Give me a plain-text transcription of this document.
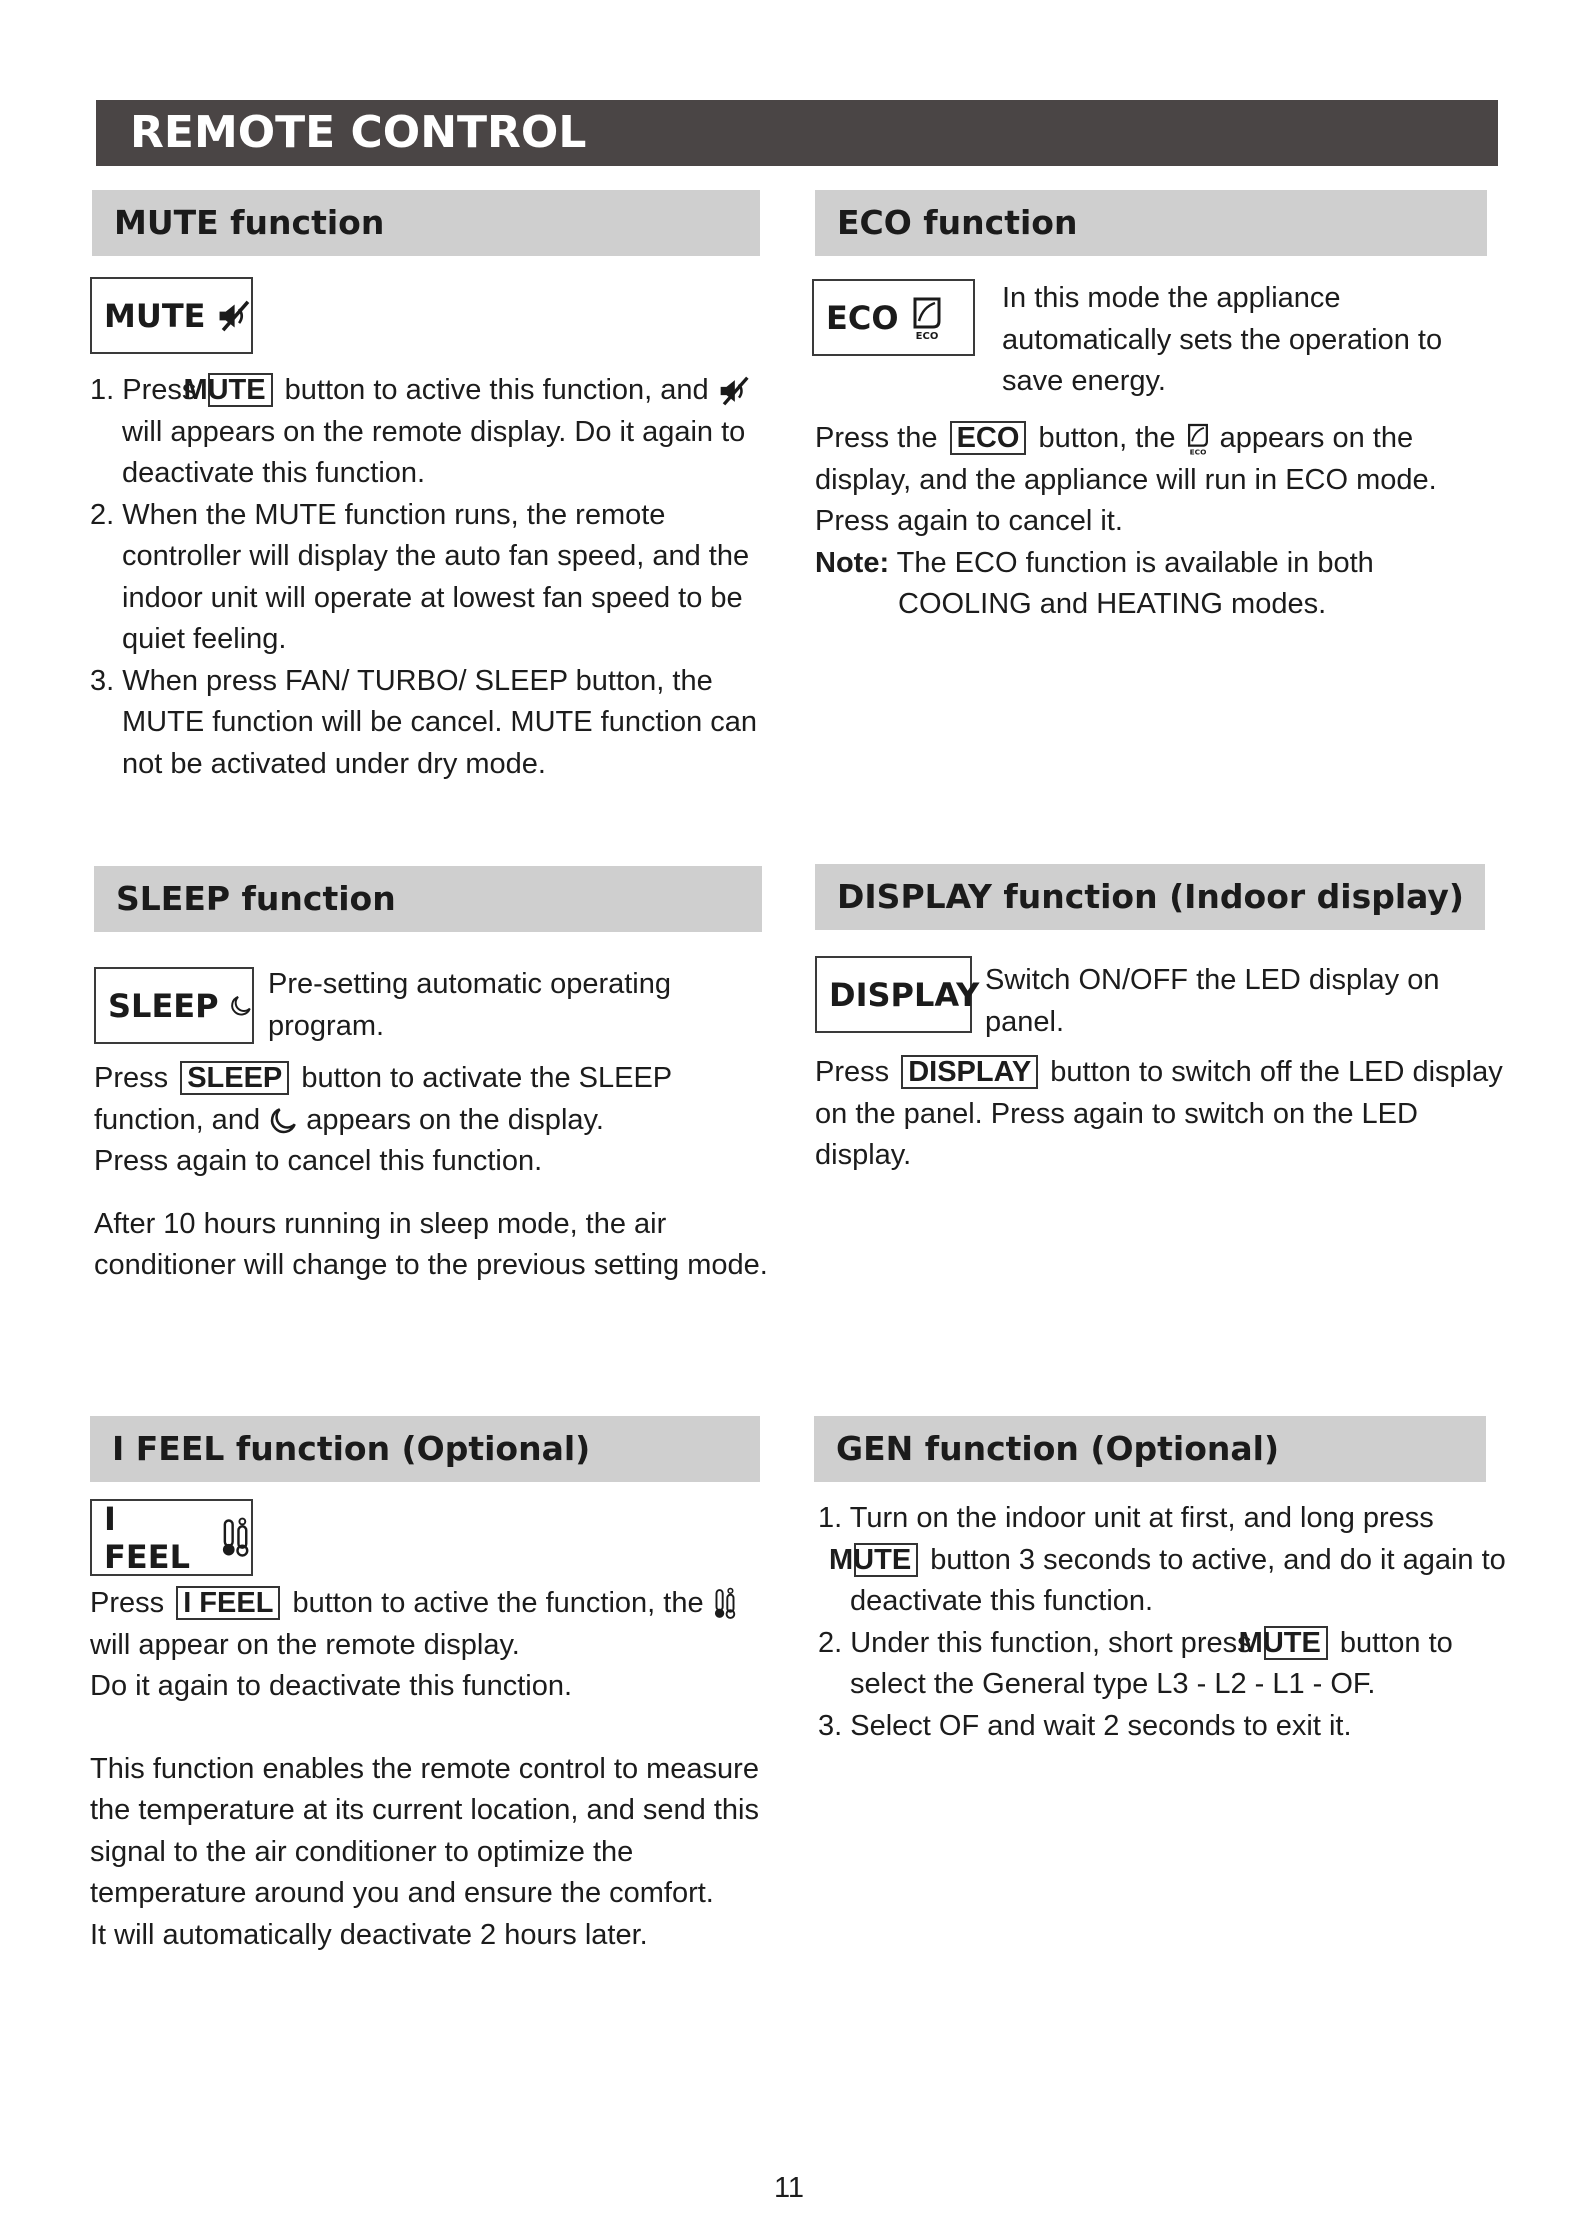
REMOTE CONTROL
MUTE function
MUTE

1. Press MUTE button to active this function, and  will appears on the remote display. Do it again to deactivate this function.

2. When the MUTE function runs, the remote controller will display the auto fan speed, and the indoor unit will operate at lowest fan speed to be quiet feeling.

3. When press FAN/ TURBO/ SLEEP button, the MUTE function will be cancel. MUTE function can not be activated under dry mode.

ECO function
ECO ECO
In this mode the appliance automatically sets the operation to save energy.

Press the ECO button, the ECO appears on the display, and the appliance will run in ECO mode. Press again to cancel it.

Note: The ECO function is available in both

COOLING and HEATING modes.

SLEEP function
SLEEP
Pre-setting automatic operating program.

Press SLEEP button to activate the SLEEP function, and  appears on the display.

Press again to cancel this function.

After 10 hours running in sleep mode, the air conditioner will change to the previous setting mode.

DISPLAY function (Indoor display)
DISPLAY Switch ON/OFF the LED display on panel.

Press DISPLAY button to switch off the LED display on the panel. Press again to switch on the LED display.

I FEEL function (Optional)
I FEEL

Press I FEEL button to active the function, the  will appear on the remote display.

Do it again to deactivate this function.

This function enables the remote control to measure the temperature at its current location, and send this signal to the air conditioner to optimize the temperature around you and ensure the comfort.

It will automatically deactivate 2 hours later.

GEN function (Optional)

1. Turn on the indoor unit at first, and long press MUTE button 3 seconds to active, and do it again to deactivate this function.

2. Under this function, short press MUTE button to select the General type L3 - L2 - L1 - OF.

3. Select OF and wait 2 seconds to exit it.

11
